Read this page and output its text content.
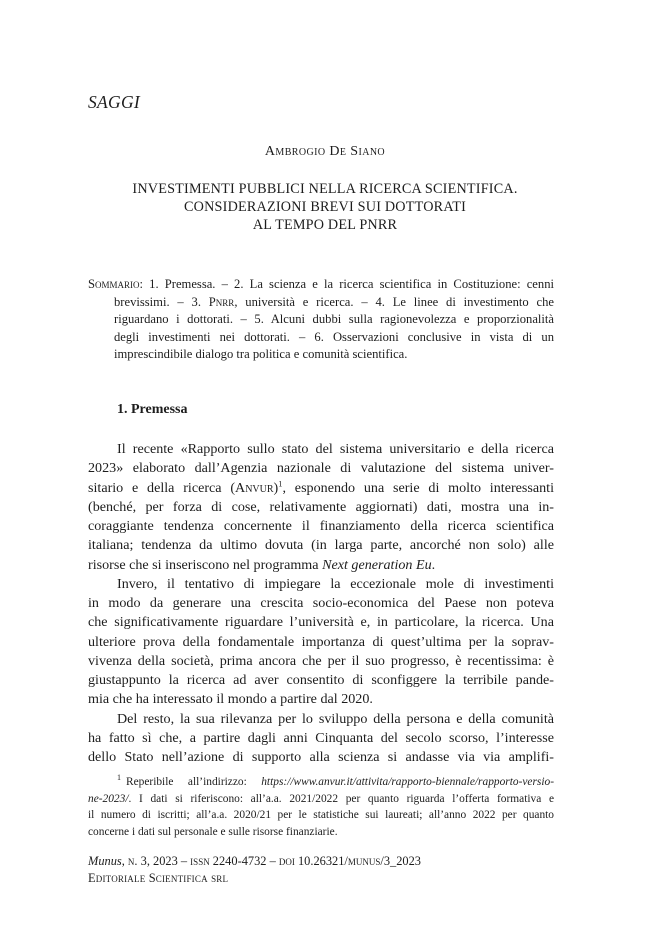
SAGGI
Ambrogio De Siano
INVESTIMENTI PUBBLICI NELLA RICERCA SCIENTIFICA.
CONSIDERAZIONI BREVI SUI DOTTORATI
AL TEMPO DEL PNRR
Sommario: 1. Premessa. – 2. La scienza e la ricerca scientifica in Costituzione: cenni
brevissimi. – 3. Pnrr, università e ricerca. – 4. Le linee di investimento che
riguardano i dottorati. – 5. Alcuni dubbi sulla ragionevolezza e proporzionalità
degli investimenti nei dottorati. – 6. Osservazioni conclusive in vista di un
imprescindibile dialogo tra politica e comunità scientifica.
1. Premessa
Il recente «Rapporto sullo stato del sistema universitario e della ricerca
2023» elaborato dall’Agenzia nazionale di valutazione del sistema univer-
sitario e della ricerca (Anvur)$^1$, esponendo una serie di molto interessanti
(benché, per forza di cose, relativamente aggiornati) dati, mostra una in-
coraggiante tendenza concernente il finanziamento della ricerca scientifica
italiana; tendenza da ultimo dovuta (in larga parte, ancorché non solo) alle
risorse che si inseriscono nel programma Next generation Eu.
Invero, il tentativo di impiegare la eccezionale mole di investimenti
in modo da generare una crescita socio-economica del Paese non poteva
che significativamente riguardare l’università e, in particolare, la ricerca. Una
ulteriore prova della fondamentale importanza di quest’ultima per la soprav-
vivenza della società, prima ancora che per il suo progresso, è recentissima: è
giustappunto la ricerca ad aver consentito di sconfiggere la terribile pande-
mia che ha interessato il mondo a partire dal 2020.
Del resto, la sua rilevanza per lo sviluppo della persona e della comunità
ha fatto sì che, a partire dagli anni Cinquanta del secolo scorso, l’interesse
dello Stato nell’azione di supporto alla scienza si andasse via via amplifi-
$^1$ Reperibile all’indirizzo: https://www.anvur.it/attivita/rapporto-biennale/rapporto-versio-
ne-2023/. I dati si riferiscono: all’a.a. 2021/2022 per quanto riguarda l’offerta formativa e
il numero di iscritti; all’a.a. 2020/21 per le statistiche sui laureati; all’anno 2022 per quanto
concerne i dati sul personale e sulle risorse finanziarie.
Munus, n. 3, 2023 – issn 2240-4732 – doi 10.26321/munus/3_2023
Editoriale Scientifica srl
